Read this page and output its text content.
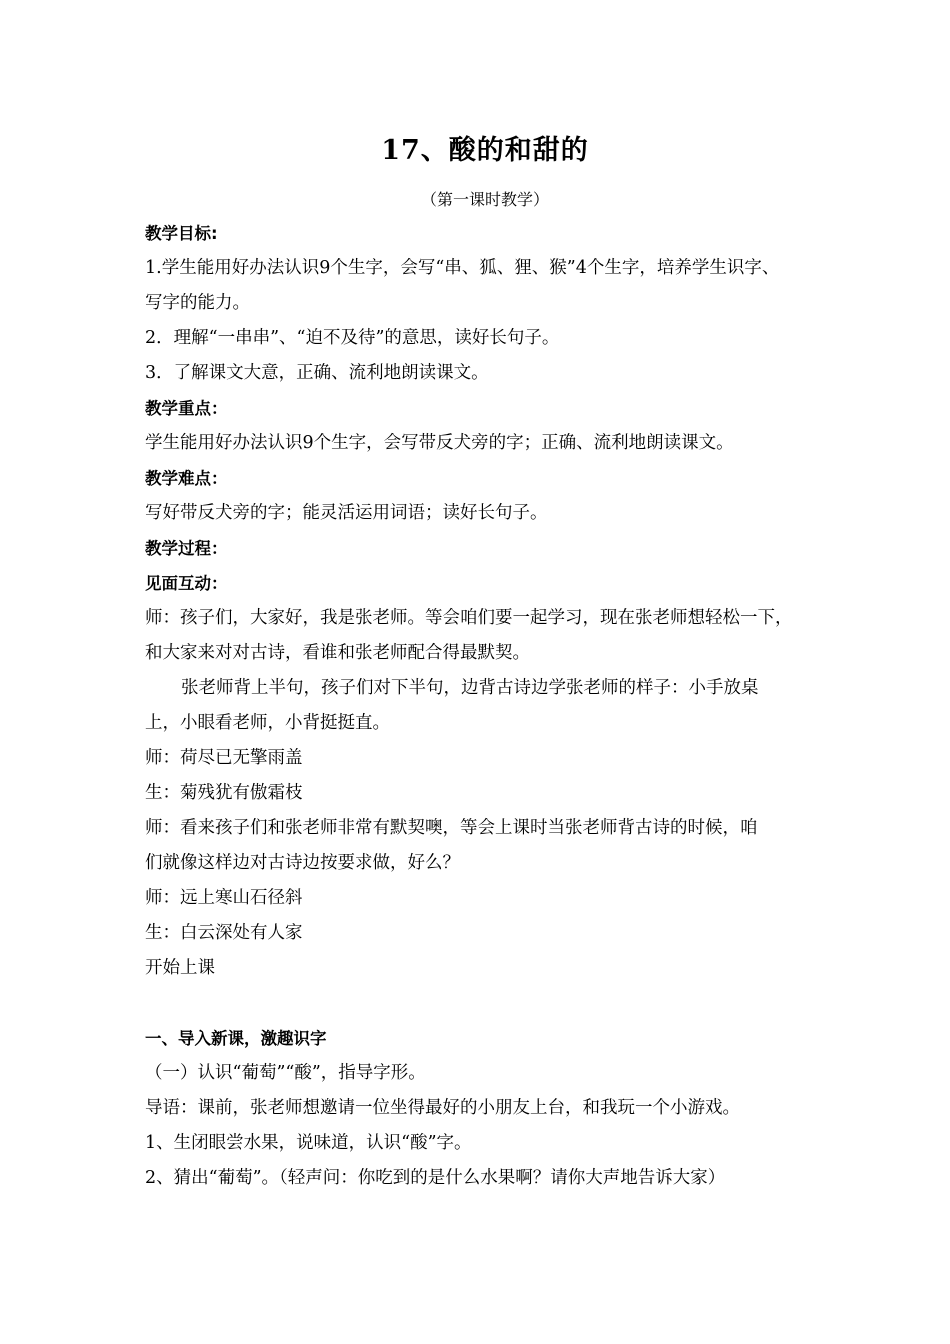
17、酸的和甜的
（第一课时教学）
教学目标:
1.学生能用好办法认识9个生字，会写“串、狐、狸、猴”4个生字，培养学生识字、
写字的能力。
2．理解“一串串”、“迫不及待”的意思，读好长句子。
3．了解课文大意，正确、流利地朗读课文。
教学重点：
学生能用好办法认识9个生字，会写带反犬旁的字；正确、流利地朗读课文。
教学难点：
写好带反犬旁的字；能灵活运用词语；读好长句子。
教学过程：
见面互动：
师：孩子们，大家好，我是张老师。等会咱们要一起学习，现在张老师想轻松一下，
和大家来对对古诗，看谁和张老师配合得最默契。
张老师背上半句，孩子们对下半句，边背古诗边学张老师的样子：小手放桌
上，小眼看老师，小背挺挺直。
师：荷尽已无擎雨盖
生：菊残犹有傲霜枝
师：看来孩子们和张老师非常有默契噢，等会上课时当张老师背古诗的时候，咱
们就像这样边对古诗边按要求做，好么？
师：远上寒山石径斜
生：白云深处有人家
开始上课
一、导入新课，激趣识字
（一）认识“葡萄”“酸”，指导字形。
导语：课前，张老师想邀请一位坐得最好的小朋友上台，和我玩一个小游戏。
1、生闭眼尝水果，说味道，认识“酸”字。
2、猜出“葡萄”。（轻声问：你吃到的是什么水果啊？请你大声地告诉大家）
